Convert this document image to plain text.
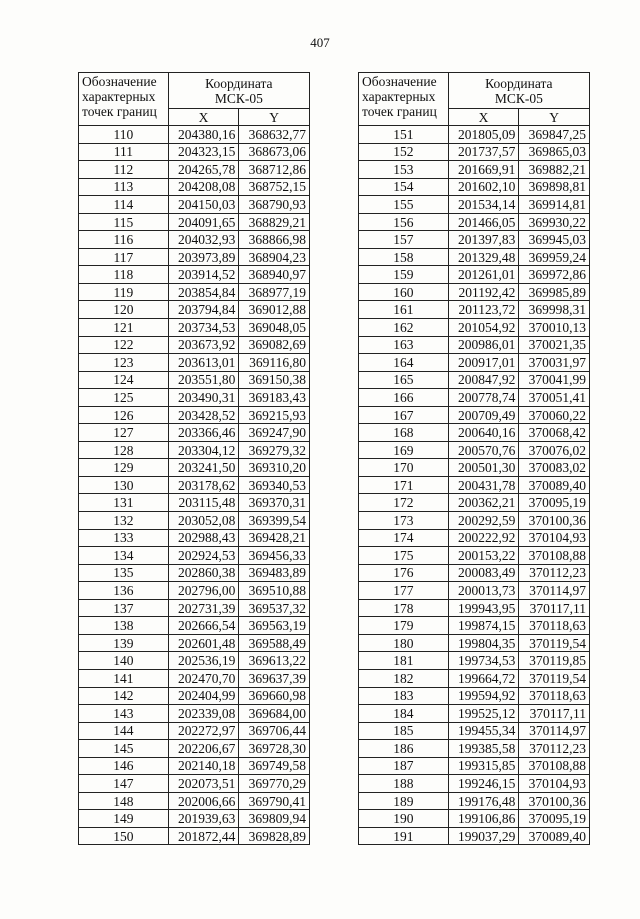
407
Обозначение характерных точек границ	Координата
МСК-05	
	X	Y
110	204380,16	368632,77
111	204323,15	368673,06
112	204265,78	368712,86
113	204208,08	368752,15
114	204150,03	368790,93
115	204091,65	368829,21
116	204032,93	368866,98
117	203973,89	368904,23
118	203914,52	368940,97
119	203854,84	368977,19
120	203794,84	369012,88
121	203734,53	369048,05
122	203673,92	369082,69
123	203613,01	369116,80
124	203551,80	369150,38
125	203490,31	369183,43
126	203428,52	369215,93
127	203366,46	369247,90
128	203304,12	369279,32
129	203241,50	369310,20
130	203178,62	369340,53
131	203115,48	369370,31
132	203052,08	369399,54
133	202988,43	369428,21
134	202924,53	369456,33
135	202860,38	369483,89
136	202796,00	369510,88
137	202731,39	369537,32
138	202666,54	369563,19
139	202601,48	369588,49
140	202536,19	369613,22
141	202470,70	369637,39
142	202404,99	369660,98
143	202339,08	369684,00
144	202272,97	369706,44
145	202206,67	369728,30
146	202140,18	369749,58
147	202073,51	369770,29
148	202006,66	369790,41
149	201939,63	369809,94
150	201872,44	369828,89
Обозначение характерных точек границ	Координата
МСК-05	
	X	Y
151	201805,09	369847,25
152	201737,57	369865,03
153	201669,91	369882,21
154	201602,10	369898,81
155	201534,14	369914,81
156	201466,05	369930,22
157	201397,83	369945,03
158	201329,48	369959,24
159	201261,01	369972,86
160	201192,42	369985,89
161	201123,72	369998,31
162	201054,92	370010,13
163	200986,01	370021,35
164	200917,01	370031,97
165	200847,92	370041,99
166	200778,74	370051,41
167	200709,49	370060,22
168	200640,16	370068,42
169	200570,76	370076,02
170	200501,30	370083,02
171	200431,78	370089,40
172	200362,21	370095,19
173	200292,59	370100,36
174	200222,92	370104,93
175	200153,22	370108,88
176	200083,49	370112,23
177	200013,73	370114,97
178	199943,95	370117,11
179	199874,15	370118,63
180	199804,35	370119,54
181	199734,53	370119,85
182	199664,72	370119,54
183	199594,92	370118,63
184	199525,12	370117,11
185	199455,34	370114,97
186	199385,58	370112,23
187	199315,85	370108,88
188	199246,15	370104,93
189	199176,48	370100,36
190	199106,86	370095,19
191	199037,29	370089,40
